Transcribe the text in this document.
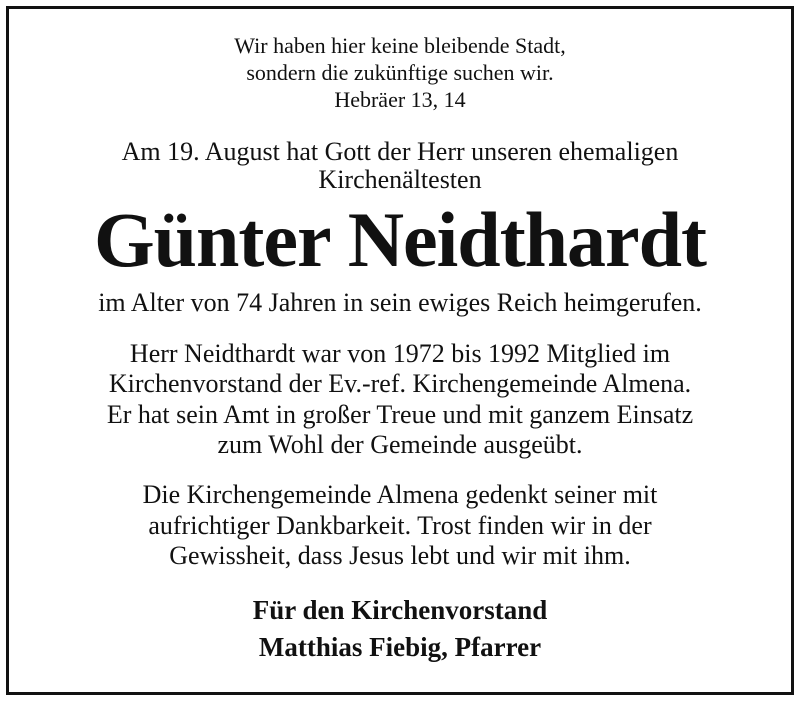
Wir haben hier keine bleibende Stadt,
sondern die zukünftige suchen wir.
Hebräer 13, 14
Am 19. August hat Gott der Herr unseren ehemaligen
Kirchenältesten
Günter Neidthardt
im Alter von 74 Jahren in sein ewiges Reich heimgerufen.
Herr Neidthardt war von 1972 bis 1992 Mitglied im
Kirchenvorstand der Ev.-ref. Kirchengemeinde Almena.
Er hat sein Amt in großer Treue und mit ganzem Einsatz
zum Wohl der Gemeinde ausgeübt.
Die Kirchengemeinde Almena gedenkt seiner mit
aufrichtiger Dankbarkeit. Trost finden wir in der
Gewissheit, dass Jesus lebt und wir mit ihm.
Für den Kirchenvorstand
Matthias Fiebig, Pfarrer
